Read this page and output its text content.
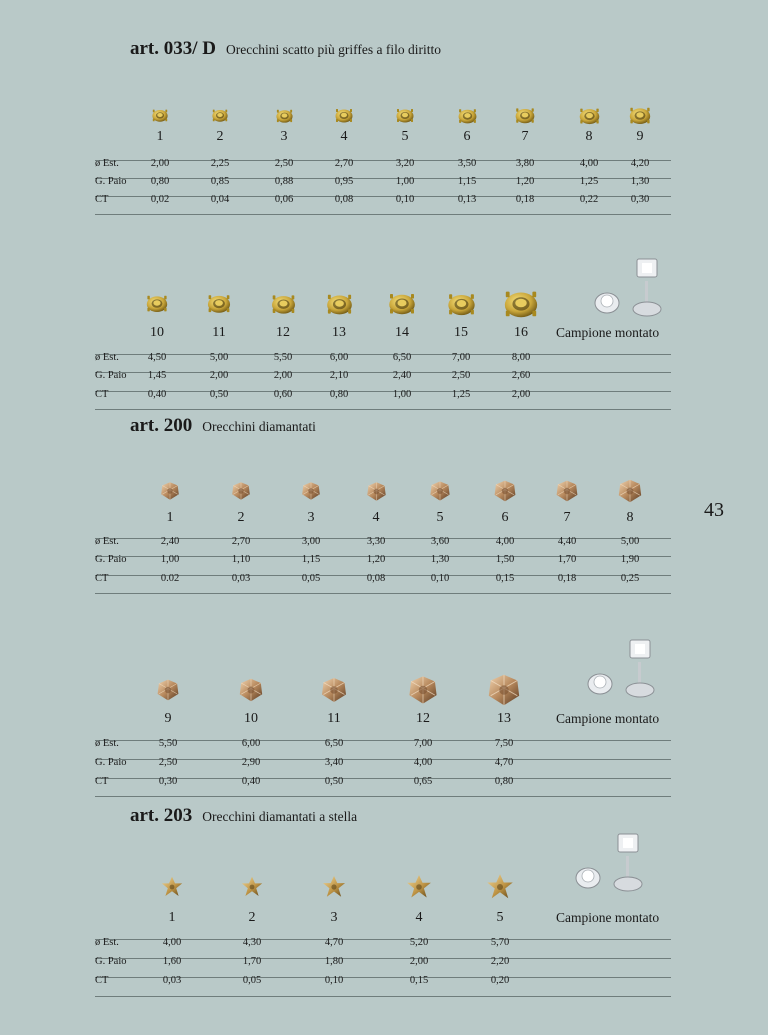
art. 033/ D Orecchini scatto più griffes a filo diritto
ø Est.
G. Paio
CT
1
2,00
0,80
0,02
2
2,25
0,85
0,04
3
2,50
0,88
0,06
4
2,70
0,95
0,08
5
3,20
1,00
0,10
6
3,50
1,15
0,13
7
3,80
1,20
0,18
8
4,00
1,25
0,22
9
4,20
1,30
0,30
ø Est.
G. Paio
CT
10
4,50
1,45
0,40
11
5,00
2,00
0,50
12
5,50
2,00
0,60
13
6,00
2,10
0,80
14
6,50
2,40
1,00
15
7,00
2,50
1,25
16
8,00
2,60
2,00
Campione montato
art. 200 Orecchini diamantati
ø Est.
G. Paio
CT
1
2,40
1,00
0.02
2
2,70
1,10
0,03
3
3,00
1,15
0,05
4
3,30
1,20
0,08
5
3,60
1,30
0,10
6
4,00
1,50
0,15
7
4,40
1,70
0,18
8
5,00
1,90
0,25
ø Est.
G. Paio
CT
9
5,50
2,50
0,30
10
6,00
2,90
0,40
11
6,50
3,40
0,50
12
7,00
4,00
0,65
13
7,50
4,70
0,80
Campione montato
art. 203 Orecchini diamantati a stella
ø Est.
G. Paio
CT
1
4,00
1,60
0,03
2
4,30
1,70
0,05
3
4,70
1,80
0,10
4
5,20
2,00
0,15
5
5,70
2,20
0,20
Campione montato
43
